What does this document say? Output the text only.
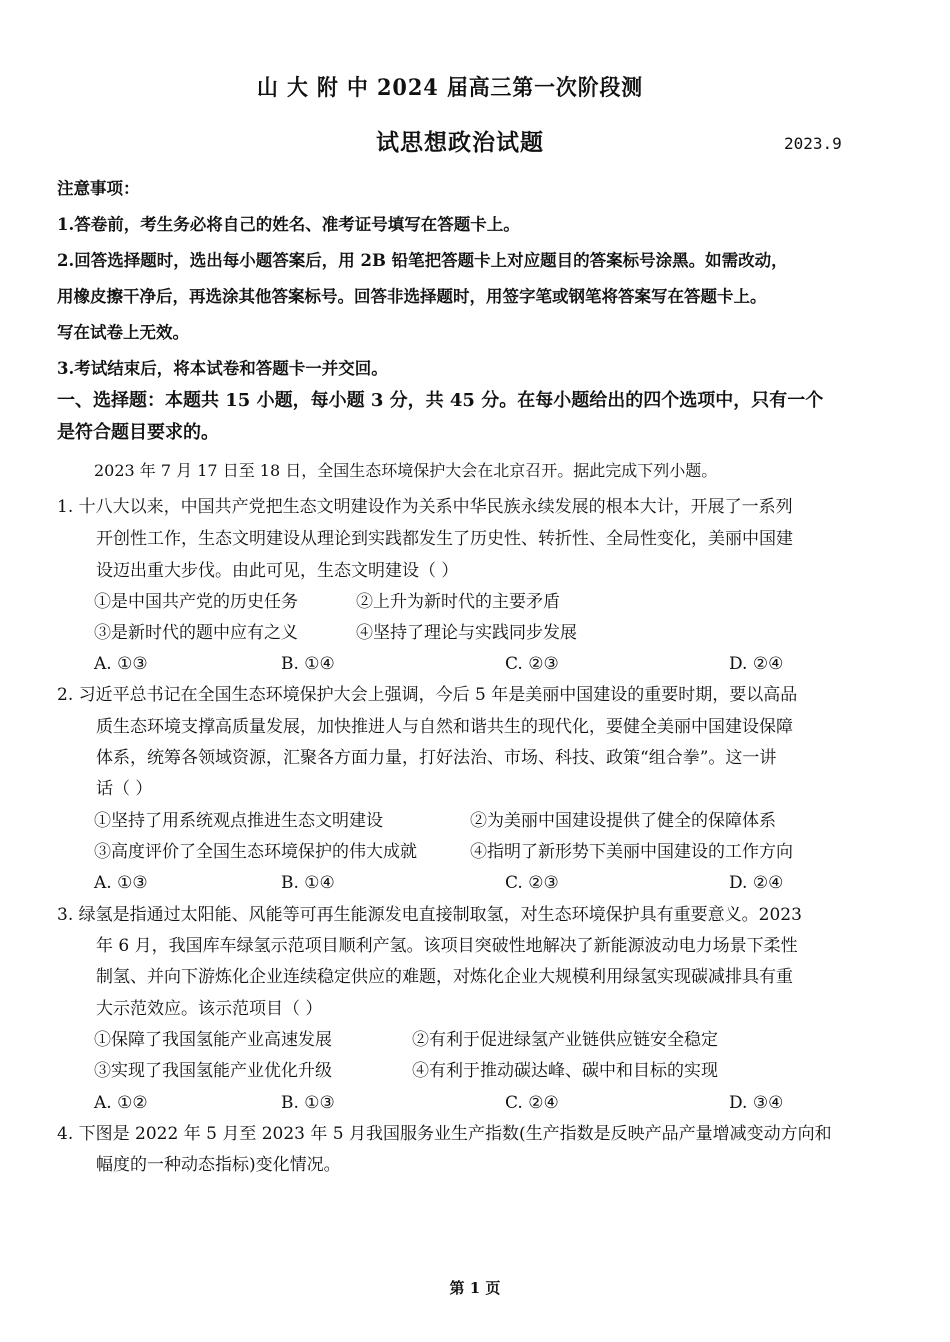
山 大 附 中 2024 届高三第一次阶段测
试思想政治试题	2023.9
注意事项：
1.答卷前，考生务必将自己的姓名、准考证号填写在答题卡上。
2.回答选择题时，选出每小题答案后，用 2B 铅笔把答题卡上对应题目的答案标号涂黑。如需改动，
用橡皮擦干净后，再选涂其他答案标号。回答非选择题时，用签字笔或钢笔将答案写在答题卡上。
写在试卷上无效。
3.考试结束后，将本试卷和答题卡一并交回。
一、选择题：本题共 15 小题，每小题 3 分，共 45 分。在每小题给出的四个选项中，只有一个
是符合题目要求的。
2023 年 7 月 17 日至 18 日，全国生态环境保护大会在北京召开。据此完成下列小题。
1. 十八大以来，中国共产党把生态文明建设作为关系中华民族永续发展的根本大计，开展了一系列
开创性工作，生态文明建设从理论到实践都发生了历史性、转折性、全局性变化，美丽中国建
设迈出重大步伐。由此可见，生态文明建设（ ）
①是中国共产党的历史任务	②上升为新时代的主要矛盾
③是新时代的题中应有之义	④坚持了理论与实践同步发展
A. ①③	B. ①④	C. ②③	D. ②④
2. 习近平总书记在全国生态环境保护大会上强调，今后 5 年是美丽中国建设的重要时期，要以高品
质生态环境支撑高质量发展，加快推进人与自然和谐共生的现代化，要健全美丽中国建设保障
体系，统筹各领域资源，汇聚各方面力量，打好法治、市场、科技、政策“组合拳”。这一讲
话（ ）
①坚持了用系统观点推进生态文明建设	②为美丽中国建设提供了健全的保障体系
③高度评价了全国生态环境保护的伟大成就	④指明了新形势下美丽中国建设的工作方向
A. ①③	B. ①④	C. ②③	D. ②④
3. 绿氢是指通过太阳能、风能等可再生能源发电直接制取氢，对生态环境保护具有重要意义。2023
年 6 月，我国库车绿氢示范项目顺利产氢。该项目突破性地解决了新能源波动电力场景下柔性
制氢、并向下游炼化企业连续稳定供应的难题，对炼化企业大规模利用绿氢实现碳减排具有重
大示范效应。该示范项目（ ）
①保障了我国氢能产业高速发展	②有利于促进绿氢产业链供应链安全稳定
③实现了我国氢能产业优化升级	④有利于推动碳达峰、碳中和目标的实现
A. ①②	B. ①③	C. ②④	D. ③④
4. 下图是 2022 年 5 月至 2023 年 5 月我国服务业生产指数(生产指数是反映产品产量增减变动方向和
幅度的一种动态指标)变化情况。
第 1 页
